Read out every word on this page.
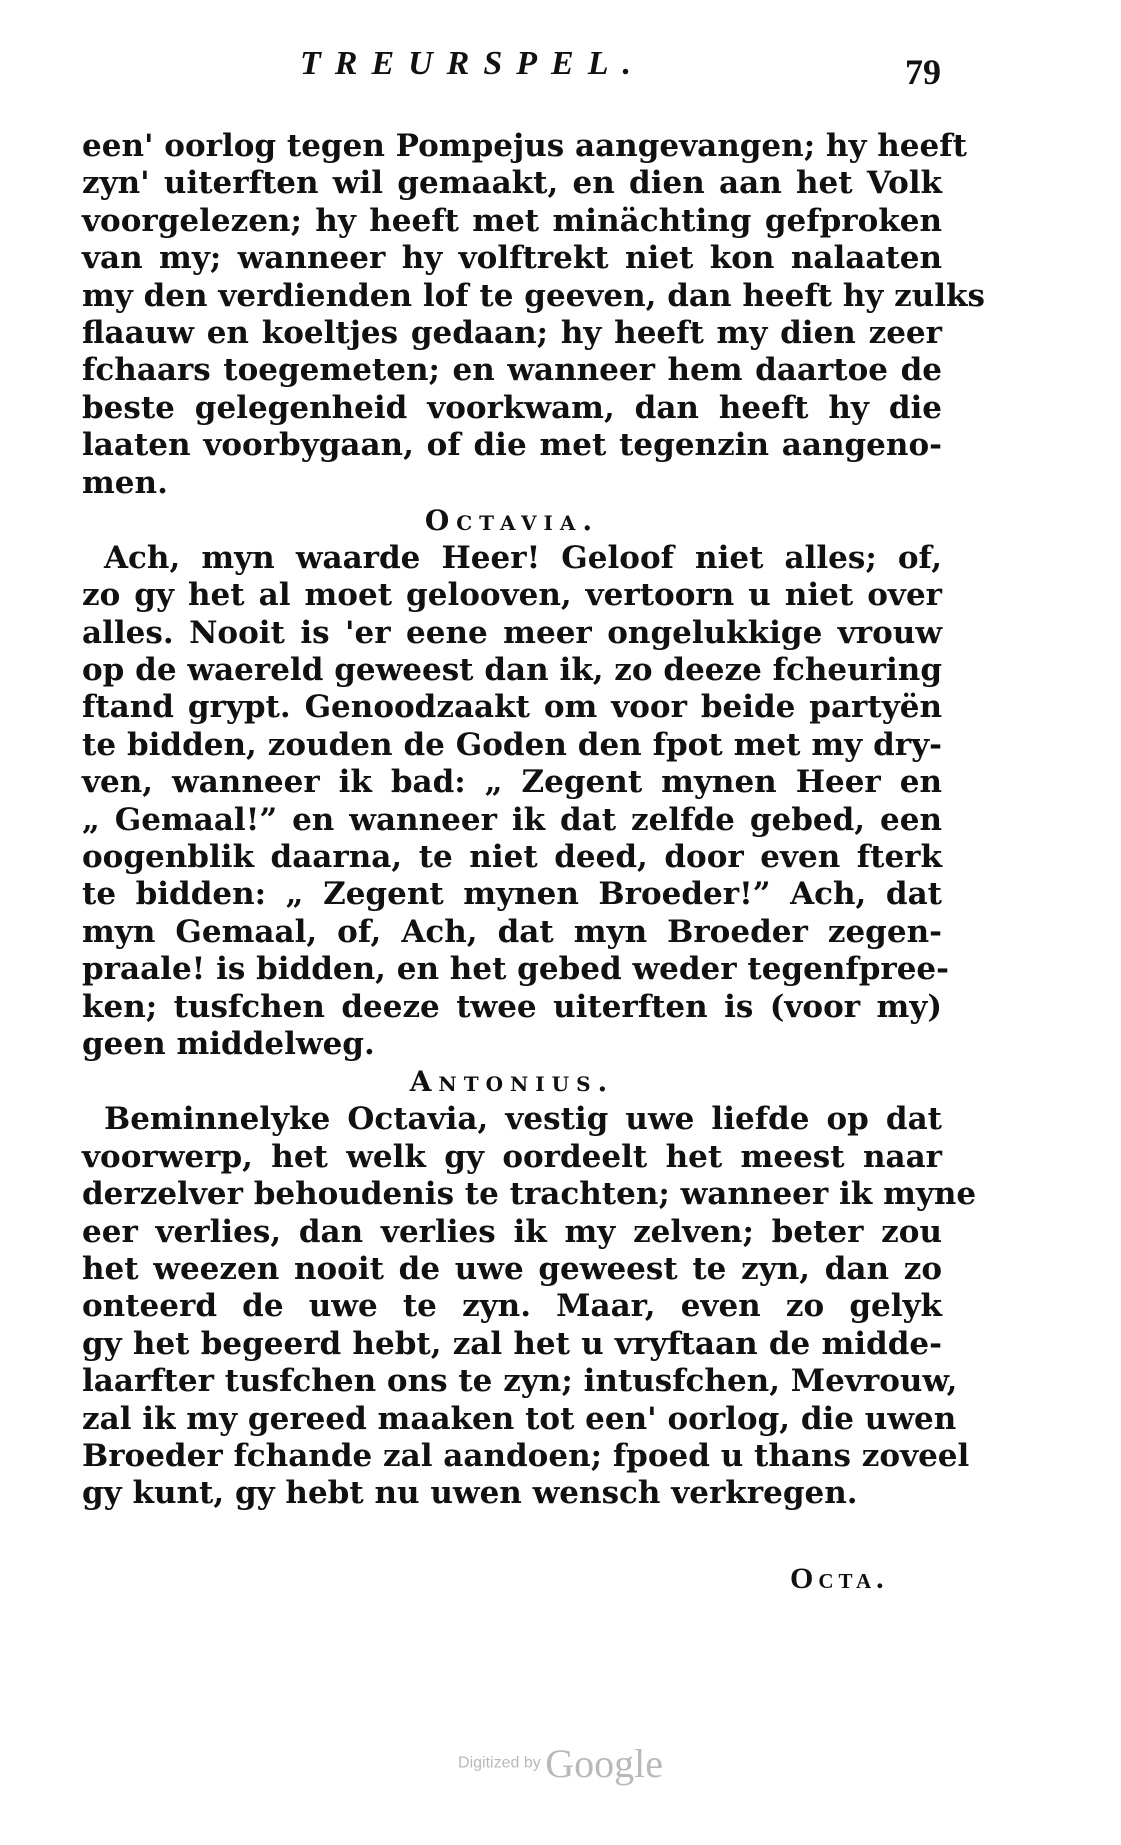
TREURSPEL.	79
een' oorlog tegen Pompejus aangevangen; hy heeft
zyn' uiterften wil gemaakt, en dien aan het Volk
voorgelezen; hy heeft met minächting gefproken
van my; wanneer hy volftrekt niet kon nalaaten
my den verdienden lof te geeven, dan heeft hy zulks
flaauw en koeltjes gedaan; hy heeft my dien zeer
fchaars toegemeten; en wanneer hem daartoe de
beste gelegenheid voorkwam, dan heeft hy die
laaten voorbygaan, of die met tegenzin aangeno-
men.
Octavia.
Ach, myn waarde Heer! Geloof niet alles; of,
zo gy het al moet gelooven, vertoorn u niet over
alles. Nooit is 'er eene meer ongelukkige vrouw
op de waereld geweest dan ik, zo deeze fcheuring
ftand grypt. Genoodzaakt om voor beide partyën
te bidden, zouden de Goden den fpot met my dry-
ven, wanneer ik bad: „ Zegent mynen Heer en
„ Gemaal!” en wanneer ik dat zelfde gebed, een
oogenblik daarna, te niet deed, door even fterk
te bidden: „ Zegent mynen Broeder!” Ach, dat
myn Gemaal, of, Ach, dat myn Broeder zegen-
praale! is bidden, en het gebed weder tegenfpree-
ken; tusfchen deeze twee uiterften is (voor my)
geen middelweg.
Antonius.
Beminnelyke Octavia, vestig uwe liefde op dat
voorwerp, het welk gy oordeelt het meest naar
derzelver behoudenis te trachten; wanneer ik myne
eer verlies, dan verlies ik my zelven; beter zou
het weezen nooit de uwe geweest te zyn, dan zo
onteerd de uwe te zyn. Maar, even zo gelyk
gy het begeerd hebt, zal het u vryftaan de midde-
laarfter tusfchen ons te zyn; intusfchen, Mevrouw,
zal ik my gereed maaken tot een' oorlog, die uwen
Broeder fchande zal aandoen; fpoed u thans zoveel
gy kunt, gy hebt nu uwen wensch verkregen.
Octa.
Digitized by Google
